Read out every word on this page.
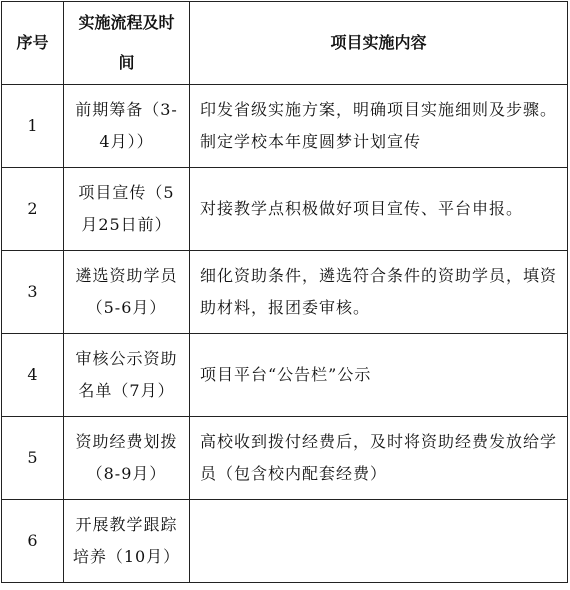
序号	实施流程及时间	项目实施内容
1	前期筹备（3-4月））	印发省级实施方案，明确项目实施细则及步骤。制定学校本年度圆梦计划宣传
2	项目宣传（5月25日前）	对接教学点积极做好项目宣传、平台申报。
3	遴选资助学员（5-6月）	细化资助条件，遴选符合条件的资助学员，填资助材料，报团委审核。
4	审核公示资助名单（7月）	项目平台“公告栏”公示
5	资助经费划拨（8-9月）	高校收到拨付经费后，及时将资助经费发放给学员（包含校内配套经费）
6	开展教学跟踪培养（10月）	
